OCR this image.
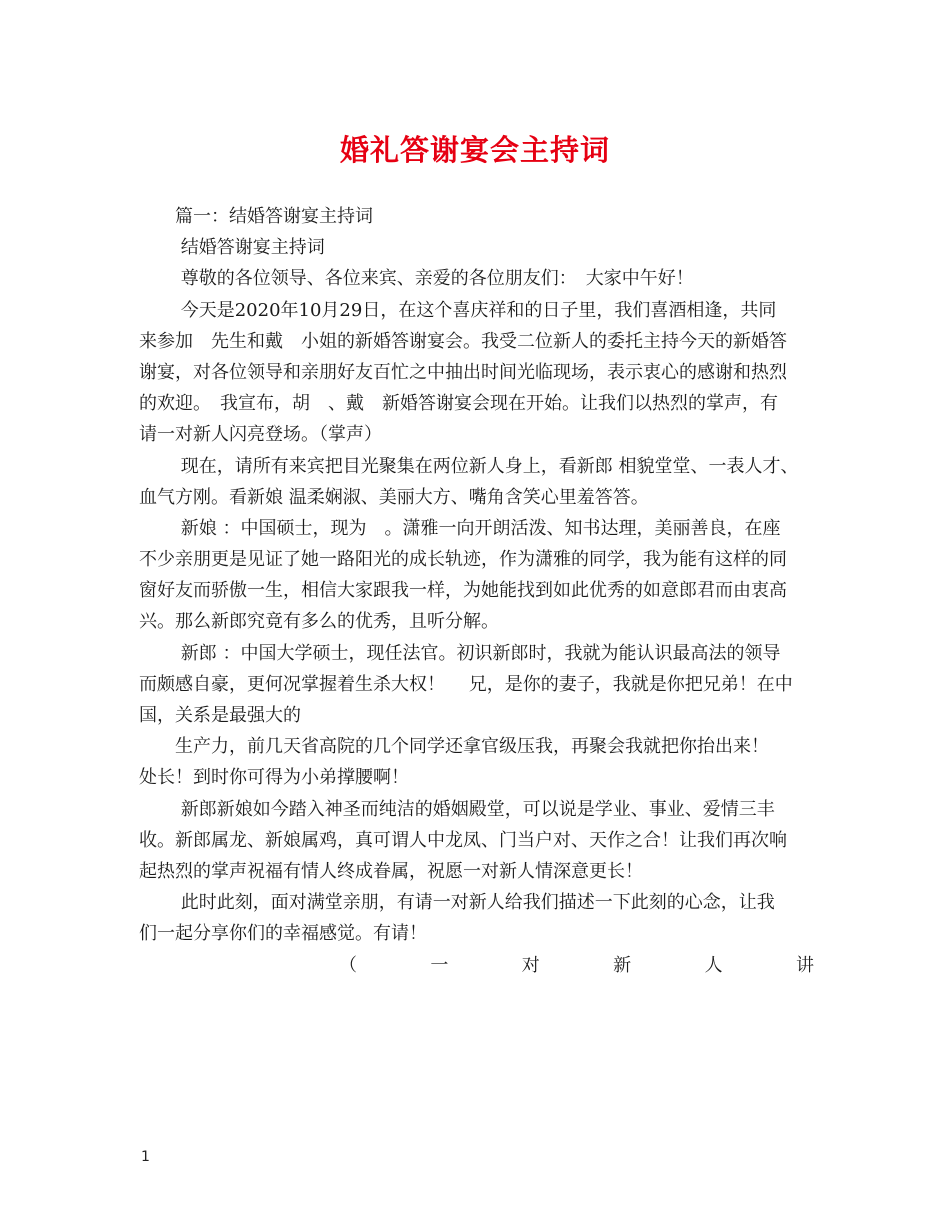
婚礼答谢宴会主持词
　　篇一：结婚答谢宴主持词
　　 结婚答谢宴主持词
　　 尊敬的各位领导、各位来宾、亲爱的各位朋友们：　大家中午好！
　　 今天是2020年10月29日，在这个喜庆祥和的日子里，我们喜酒相逢，共同
来参加　先生和戴　小姐的新婚答谢宴会。我受二位新人的委托主持今天的新婚答
谢宴，对各位领导和亲朋好友百忙之中抽出时间光临现场，表示衷心的感谢和热烈
的欢迎。　我宣布，胡　、戴　新婚答谢宴会现在开始。让我们以热烈的掌声，有
请一对新人闪亮登场。（掌声）
　　 现在，请所有来宾把目光聚集在两位新人身上，看新郎 相貌堂堂、一表人才、
血气方刚。看新娘 温柔娴淑、美丽大方、嘴角含笑心里羞答答。
　　 新娘 ：中国硕士，现为　。潇雅一向开朗活泼、知书达理，美丽善良，在座
不少亲朋更是见证了她一路阳光的成长轨迹，作为潇雅的同学，我为能有这样的同
窗好友而骄傲一生，相信大家跟我一样，为她能找到如此优秀的如意郎君而由衷高
兴。那么新郎究竟有多么的优秀，且听分解。
　　 新郎 ：中国大学硕士，现任法官。初识新郎时，我就为能认识最高法的领导
而颇感自豪，更何况掌握着生杀大权！　 兄，是你的妻子，我就是你把兄弟！在中
国，关系是最强大的
　　生产力，前几天省高院的几个同学还拿官级压我，再聚会我就把你抬出来！
处长！到时你可得为小弟撑腰啊！
　　 新郎新娘如今踏入神圣而纯洁的婚姻殿堂，可以说是学业、事业、爱情三丰
收。新郎属龙、新娘属鸡，真可谓人中龙凤、门当户对、天作之合！让我们再次响
起热烈的掌声祝福有情人终成眷属，祝愿一对新人情深意更长！
　　 此时此刻，面对满堂亲朋，有请一对新人给我们描述一下此刻的心念，让我
们一起分享你们的幸福感觉。有请！
（	一	对	新	人	讲
1
